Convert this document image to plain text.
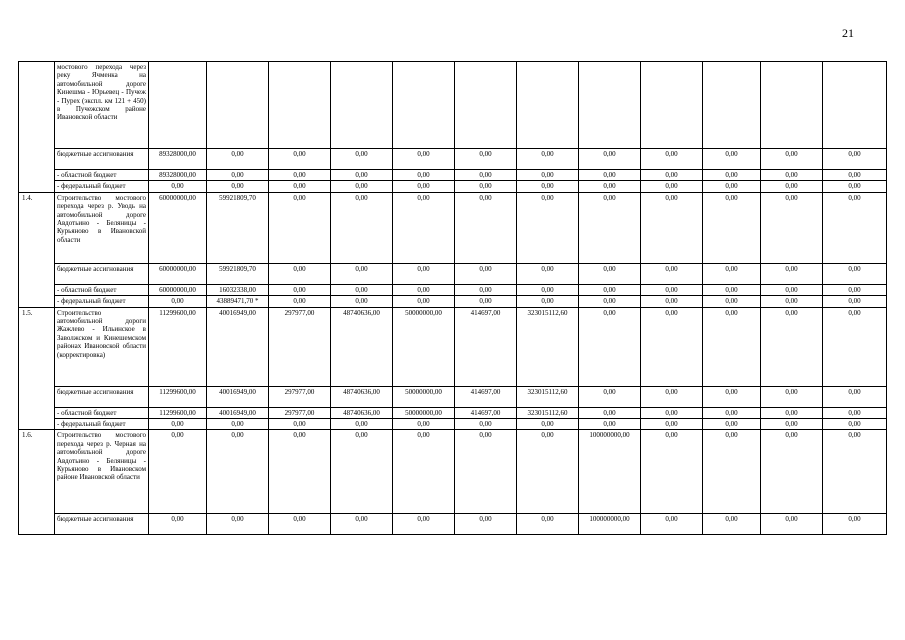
21
	мостового перехода через реку Ячменка на автомобильной дороге Кинешма - Юрьевец - Пучеж - Пурех (экспл. км 121 + 450) в Пучежском районе Ивановской области												
	бюджетные ассигнования	89328000,00	0,00	0,00	0,00	0,00	0,00	0,00	0,00	0,00	0,00	0,00	0,00
	- областной бюджет	89328000,00	0,00	0,00	0,00	0,00	0,00	0,00	0,00	0,00	0,00	0,00	0,00
	- федеральный бюджет	0,00	0,00	0,00	0,00	0,00	0,00	0,00	0,00	0,00	0,00	0,00	0,00
1.4.	Строительство мостового перехода через р. Уводь на автомобильной дороге Авдотьино - Беляницы - Курьяново в Ивановской области	60000000,00	59921809,70	0,00	0,00	0,00	0,00	0,00	0,00	0,00	0,00	0,00	0,00
	бюджетные ассигнования	60000000,00	59921809,70	0,00	0,00	0,00	0,00	0,00	0,00	0,00	0,00	0,00	0,00
	- областной бюджет	60000000,00	16032338,00	0,00	0,00	0,00	0,00	0,00	0,00	0,00	0,00	0,00	0,00
	- федеральный бюджет	0,00	43889471,70 *	0,00	0,00	0,00	0,00	0,00	0,00	0,00	0,00	0,00	0,00
1.5.	Строительство автомобильной дороги Жажлево - Ильинское в Заволжском и Кинешемском районах Ивановской области (корректировка)	11299600,00	40016949,00	297977,00	48740636,00	50000000,00	414697,00	323015112,60	0,00	0,00	0,00	0,00	0,00
	бюджетные ассигнования	11299600,00	40016949,00	297977,00	48740636,00	50000000,00	414697,00	323015112,60	0,00	0,00	0,00	0,00	0,00
	- областной бюджет	11299600,00	40016949,00	297977,00	48740636,00	50000000,00	414697,00	323015112,60	0,00	0,00	0,00	0,00	0,00
	- федеральный бюджет	0,00	0,00	0,00	0,00	0,00	0,00	0,00	0,00	0,00	0,00	0,00	0,00
1.6.	Строительство мостового перехода через р. Черная на автомобильной дороге Авдотьино - Беляницы - Курьяново в Ивановском районе Ивановской области	0,00	0,00	0,00	0,00	0,00	0,00	0,00	100000000,00	0,00	0,00	0,00	0,00
	бюджетные ассигнования	0,00	0,00	0,00	0,00	0,00	0,00	0,00	100000000,00	0,00	0,00	0,00	0,00
